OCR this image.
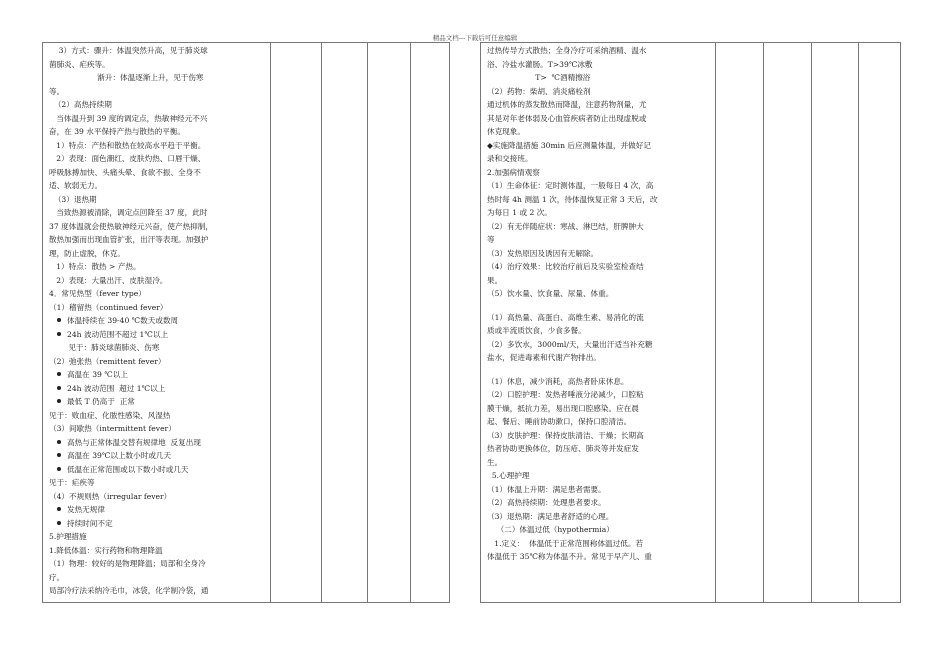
精品文档---下载后可任意编辑
3）方式：骤升：体温突然升高，见于肺炎球
菌肺炎、疟疾等。
渐升：体温逐渐上升，见于伤寒
等。
（2）高热持续期
当体温升到 39 度的调定点，热敏神经元不兴
奋，在 39 水平保持产热与散热的平衡。
1）特点：产热和散热在较高水平趋于平衡。
2）表现：面色潮红、皮肤灼热、口唇干燥、
呼吸脉搏加快、头痛头晕、食欲不振、全身不
适、软弱无力。
（3）退热期
当致热源被清除，调定点回降至 37 度，此时
37 度体温就会使热敏神经元兴奋，使产热抑制，
散热加强而出现血管扩张，出汗等表现。加强护
理，防止虚脱，休克。
1）特点：散热 > 产热。
2）表现：大量出汗、皮肤湿冷。
4．常见热型（fever type）
（1）稽留热（continued fever）
体温持续在 39-40 ℃数天或数周
24h 波动范围不超过 1℃以上
见于：肺炎球菌肺炎、伤寒
（2）弛张热（remittent fever）
高温在 39 ℃以上
24h 波动范围  超过 1℃以上
最低 T 仍高于  正常
见于：败血症、化脓性感染、风湿热
（3）间歇热（intermittent fever）
高热与正常体温交替有规律地  反复出现
高温在 39℃以上数小时或几天
低温在正常范围或以下数小时或几天
见于：疟疾等
（4）不规则热（irregular fever）
发热无规律
持续时间不定
5.护理措施
1.降低体温：实行药物和物理降温
（1）物理：较好的是物理降温；局部和全身冷
疗。
局部冷疗法采纳冷毛巾，冰袋，化学制冷袋，通

过热传导方式散热；全身冷疗可采纳酒精、温水
浴、冷盐水灌肠。T>39℃冰敷
T>  ℃酒精擦浴
（2）药物：柴胡、消炎痛栓剂
通过机体的蒸发散热而降温，注意药物剂量，尤
其是对年老体弱及心血管疾病者防止出现虚脱或
休克现象。
◆实施降温措施 30min 后应测量体温，并做好记
录和交接班。
2.加强病情观察
（1）生命体征：定时测体温，一般每日 4 次，高
热时每 4h 测温 1 次，待体温恢复正常 3 天后，改
为每日 1 或 2 次。
（2）有无伴随症状：寒战、淋巴结，肝脾肿大
等
（3）发热原因及诱因有无解除。
（4）治疗效果：比较治疗前后及实验室检查结
果。
（5）饮水量、饮食量、尿量、体重。
（1）高热量、高蛋白、高维生素、易消化的流
质或半流质饮食，少食多餐。
（2）多饮水，3000ml/天，大量出汗适当补充糖
盐水，促进毒素和代谢产物排出。
（1）休息，减少消耗，高热者卧床休息。
（2）口腔护理：发热者唾液分泌减少，口腔粘
膜干燥，抵抗力差，易出现口腔感染。应在晨
起、餐后、睡前协助漱口，保持口腔清洁。
（3）皮肤护理：保持皮肤清洁、干燥；长期高
热者协助更换体位，防压疮、肺炎等并发症发
生。
5.心理护理
（1）体温上升期：满足患者需要。
（2）高热持续期：处理患者要求。
（3）退热期：满足患者舒适的心理。
（二）体温过低（hypothermia）
1.定义：  体温低于正常范围称体温过低。若
体温低于 35℃称为体温不升。常见于早产儿、重
